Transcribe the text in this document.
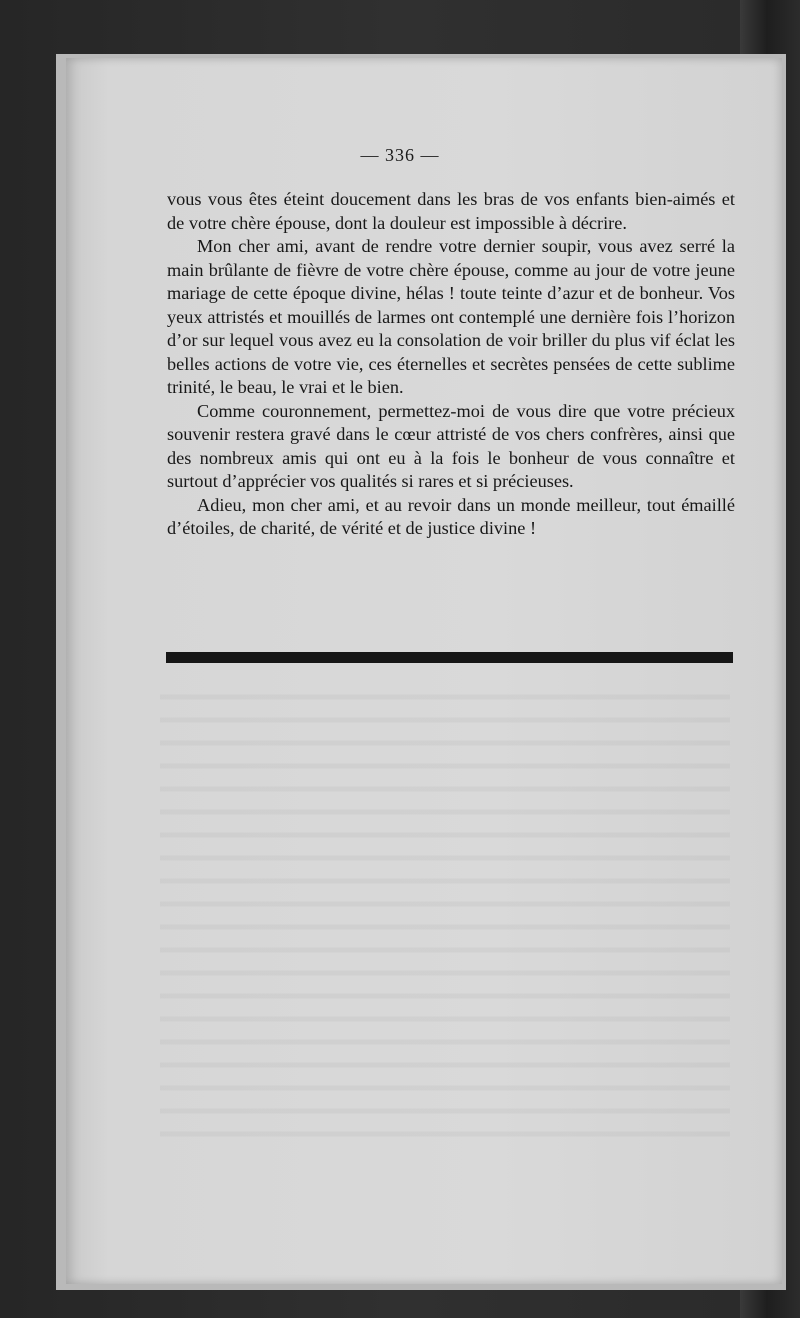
— 336 —

vous vous êtes éteint doucement dans les bras de vos enfants bien-aimés et de votre chère épouse, dont la douleur est impossible à décrire.

Mon cher ami, avant de rendre votre dernier soupir, vous avez serré la main brûlante de fièvre de votre chère épouse, comme au jour de votre jeune mariage de cette époque divine, hélas ! toute teinte d’azur et de bonheur. Vos yeux attristés et mouillés de larmes ont contemplé une dernière fois l’horizon d’or sur lequel vous avez eu la consolation de voir briller du plus vif éclat les belles actions de votre vie, ces éternelles et secrètes pensées de cette sublime trinité, le beau, le vrai et le bien.

Comme couronnement, permettez-moi de vous dire que votre précieux souvenir restera gravé dans le cœur attristé de vos chers confrères, ainsi que des nombreux amis qui ont eu à la fois le bonheur de vous connaître et surtout d’apprécier vos qualités si rares et si précieuses.

Adieu, mon cher ami, et au revoir dans un monde meilleur, tout émaillé d’étoiles, de charité, de vérité et de justice divine !
